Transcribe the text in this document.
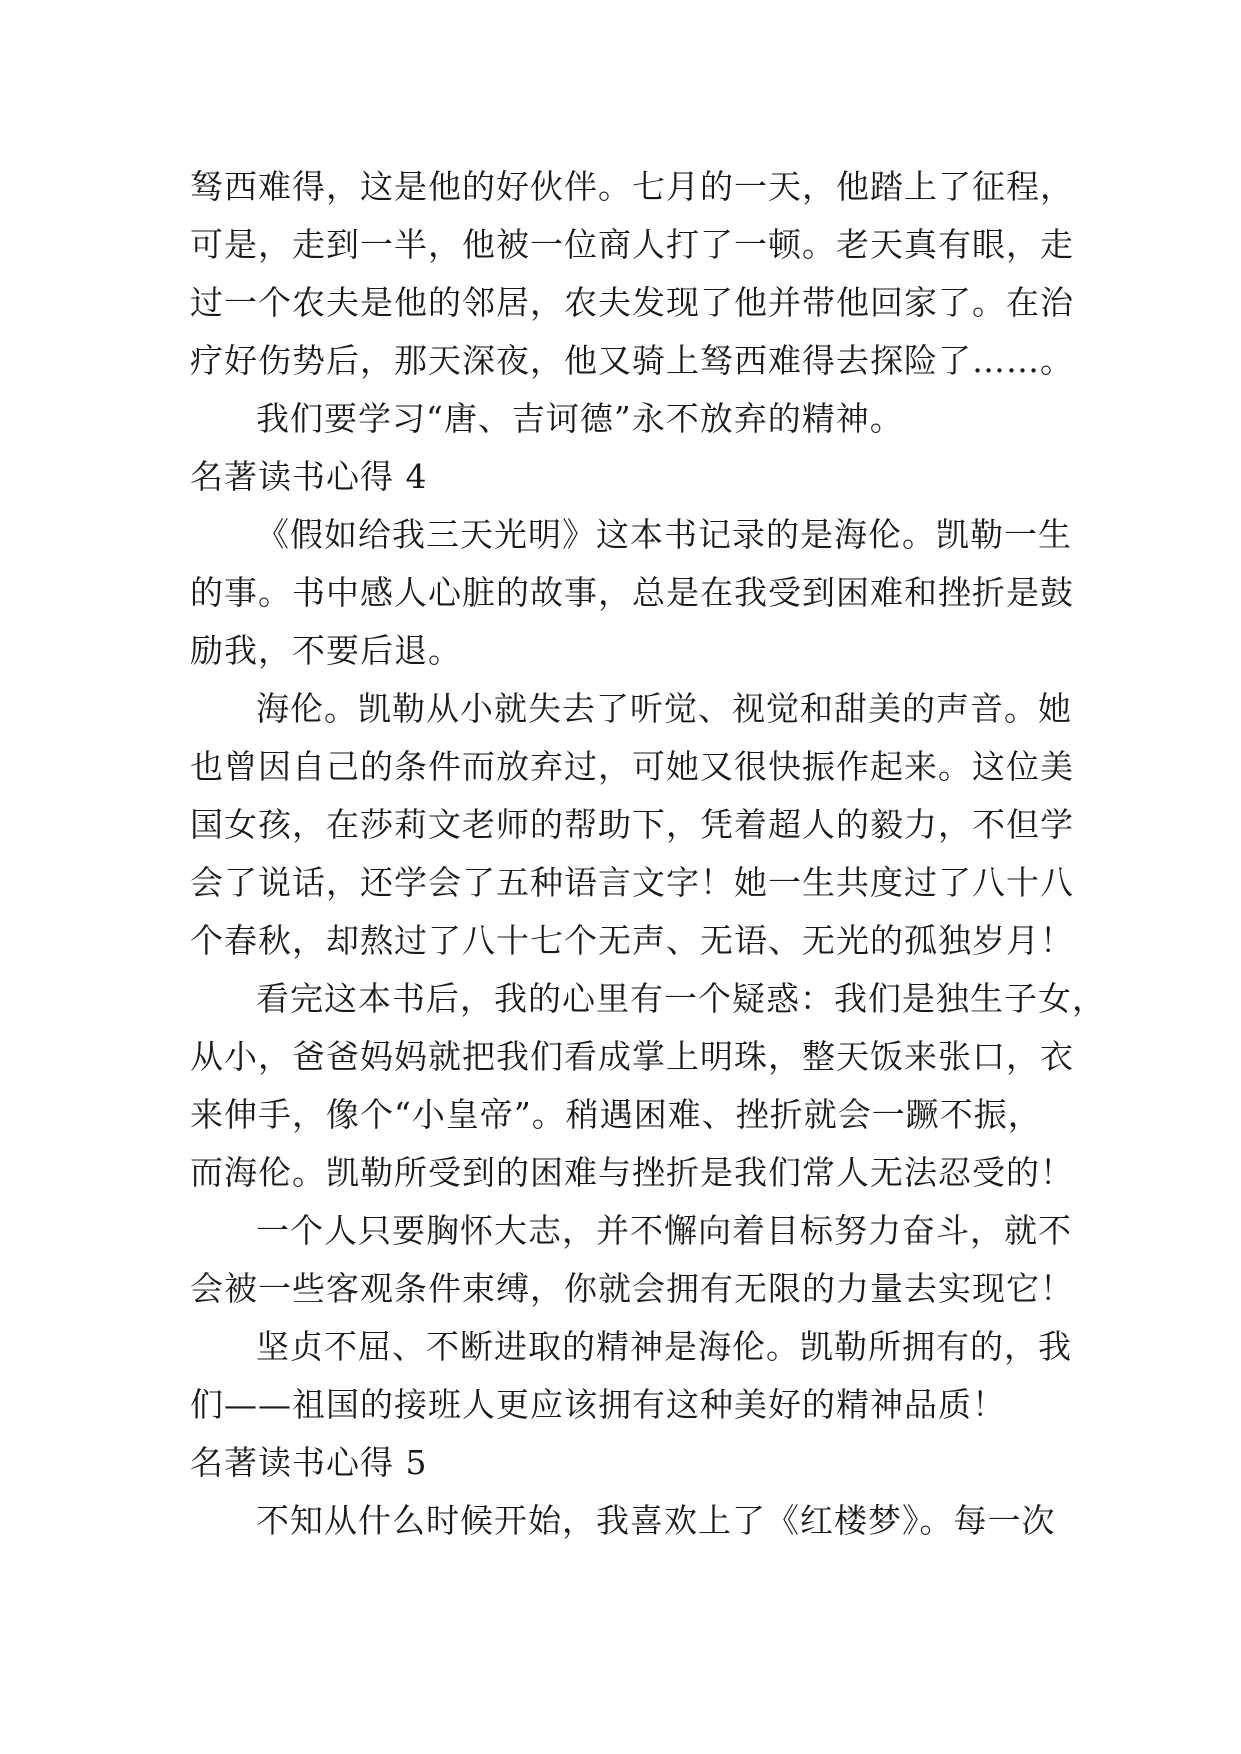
驽西难得，这是他的好伙伴。七月的一天，他踏上了征程，
可是，走到一半，他被一位商人打了一顿。老天真有眼，走
过一个农夫是他的邻居，农夫发现了他并带他回家了。在治
疗好伤势后，那天深夜，他又骑上驽西难得去探险了……。
我们要学习“唐、吉诃德”永不放弃的精神。
名著读书心得 4
《假如给我三天光明》这本书记录的是海伦。凯勒一生
的事。书中感人心脏的故事，总是在我受到困难和挫折是鼓
励我，不要后退。
海伦。凯勒从小就失去了听觉、视觉和甜美的声音。她
也曾因自己的条件而放弃过，可她又很快振作起来。这位美
国女孩，在莎莉文老师的帮助下，凭着超人的毅力，不但学
会了说话，还学会了五种语言文字！她一生共度过了八十八
个春秋，却熬过了八十七个无声、无语、无光的孤独岁月！
看完这本书后，我的心里有一个疑惑：我们是独生子女，
从小，爸爸妈妈就把我们看成掌上明珠，整天饭来张口，衣
来伸手，像个“小皇帝”。稍遇困难、挫折就会一蹶不振，
而海伦。凯勒所受到的困难与挫折是我们常人无法忍受的！
一个人只要胸怀大志，并不懈向着目标努力奋斗，就不
会被一些客观条件束缚，你就会拥有无限的力量去实现它！
坚贞不屈、不断进取的精神是海伦。凯勒所拥有的，我
们——祖国的接班人更应该拥有这种美好的精神品质！
名著读书心得 5
不知从什么时候开始，我喜欢上了《红楼梦》。每一次
